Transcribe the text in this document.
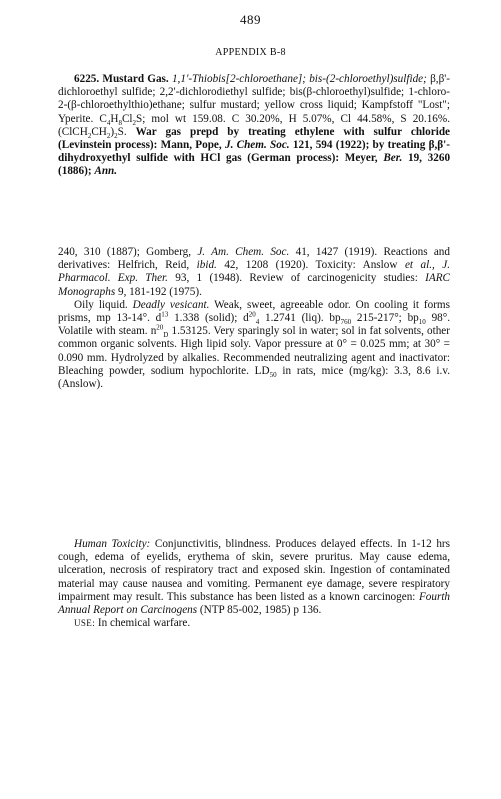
489
APPENDIX B-8

6225. Mustard Gas. 1,1'-Thiobis[2-chloroethane]; bis-(2-chloroethyl)sulfide; β,β'-dichloroethyl sulfide; 2,2'-dichlorodiethyl sulfide; bis(β-chloroethyl)sulfide; 1-chloro-2-(β-chloroethylthio)ethane; sulfur mustard; yellow cross liquid; Kampfstoff "Lost"; Yperite. $C_4H_8Cl_2S$; mol wt 159.08. C 30.20%, H 5.07%, Cl 44.58%, S 20.16%. $(ClCH_2CH_2)_2S$. War gas prepd by treating ethylene with sulfur chloride (Levinstein process): Mann, Pope, J. Chem. Soc. 121, 594 (1922); by treating β,β'-dihydroxyethyl sulfide with HCl gas (German process): Meyer, Ber. 19, 3260 (1886); Ann.

240, 310 (1887); Gomberg, J. Am. Chem. Soc. 41, 1427 (1919). Reactions and derivatives: Helfrich, Reid, ibid. 42, 1208 (1920). Toxicity: Anslow et al., J. Pharmacol. Exp. Ther. 93, 1 (1948). Review of carcinogenicity studies: IARC Monographs 9, 181-192 (1975).

Oily liquid. Deadly vesicant. Weak, sweet, agreeable odor. On cooling it forms prisms, mp 13-14°. $d^{13}$ 1.338 (solid); $d^{20}_4$ 1.2741 (liq). $bp_{760}$ 215-217°; $bp_{10}$ 98°. Volatile with steam. $n^{20}_D$ 1.53125. Very sparingly sol in water; sol in fat solvents, other common organic solvents. High lipid soly. Vapor pressure at 0° = 0.025 mm; at 30° = 0.090 mm. Hydrolyzed by alkalies. Recommended neutralizing agent and inactivator: Bleaching powder, sodium hypochlorite. $LD_{50}$ in rats, mice (mg/kg): 3.3, 8.6 i.v. (Anslow).

Human Toxicity: Conjunctivitis, blindness. Produces delayed effects. In 1-12 hrs cough, edema of eyelids, erythema of skin, severe pruritus. May cause edema, ulceration, necrosis of respiratory tract and exposed skin. Ingestion of contaminated material may cause nausea and vomiting. Permanent eye damage, severe respiratory impairment may result. This substance has been listed as a known carcinogen: Fourth Annual Report on Carcinogens (NTP 85-002, 1985) p 136.

USE: In chemical warfare.
